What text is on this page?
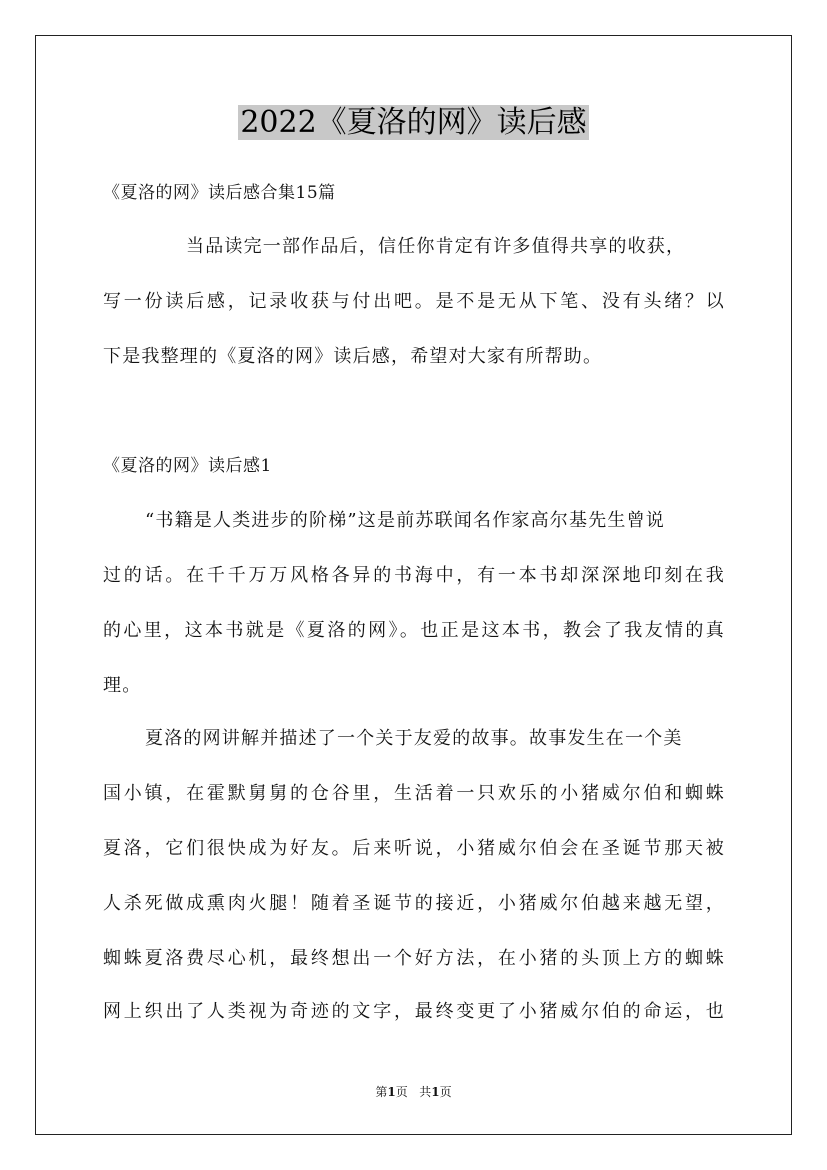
2022《夏洛的网》读后感
《夏洛的网》读后感合集15篇
当品读完一部作品后，信任你肯定有许多值得共享的收获，
写一份读后感，记录收获与付出吧。是不是无从下笔、没有头绪？以
下是我整理的《夏洛的网》读后感，希望对大家有所帮助。
《夏洛的网》读后感1
“书籍是人类进步的阶梯”这是前苏联闻名作家高尔基先生曾说
过的话。在千千万万风格各异的书海中，有一本书却深深地印刻在我
的心里，这本书就是《夏洛的网》。也正是这本书，教会了我友情的真
理。
夏洛的网讲解并描述了一个关于友爱的故事。故事发生在一个美
国小镇，在霍默舅舅的仓谷里，生活着一只欢乐的小猪威尔伯和蜘蛛
夏洛，它们很快成为好友。后来听说，小猪威尔伯会在圣诞节那天被
人杀死做成熏肉火腿！随着圣诞节的接近，小猪威尔伯越来越无望，
蜘蛛夏洛费尽心机，最终想出一个好方法，在小猪的头顶上方的蜘蛛
网上织出了人类视为奇迹的文字，最终变更了小猪威尔伯的命运，也
第1页 共1页
